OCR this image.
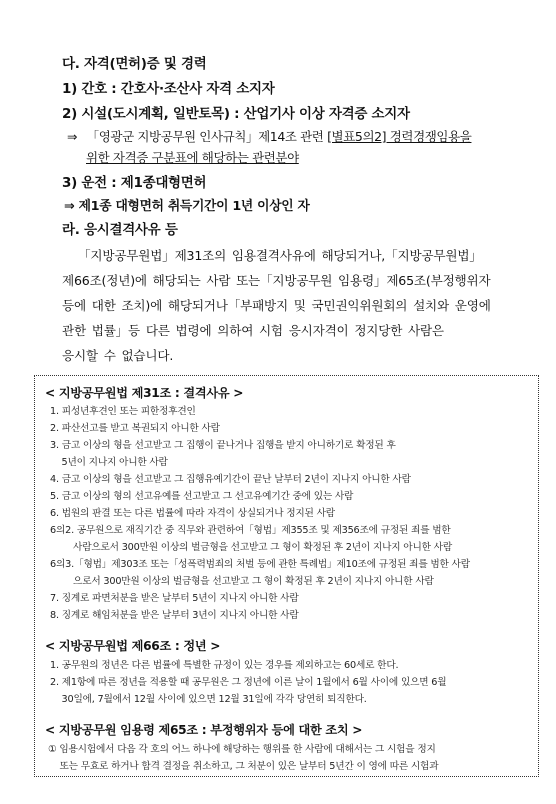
다. 자격(면허)증 및 경력
1) 간호 : 간호사·조산사 자격 소지자
2) 시설(도시계획, 일반토목) : 산업기사 이상 자격증 소지자
⇒ 「영광군 지방공무원 인사규칙」제14조 관련 [별표5의2] 경력경쟁임용을
위한 자격증 구분표에 해당하는 관련분야
3) 운전 : 제1종대형면허
⇒ 제1종 대형면허 취득기간이 1년 이상인 자
라. 응시결격사유 등
「지방공무원법」제31조의 임용결격사유에 해당되거나,「지방공무원법」
제66조(정년)에 해당되는 사람 또는「지방공무원 임용령」제65조(부정행위자
등에 대한 조치)에 해당되거나「부패방지 및 국민권익위원회의 설치와 운영에
관한 법률」등 다른 법령에 의하여 시험 응시자격이 정지당한 사람은
응시할 수 없습니다.
< 지방공무원법 제31조 : 결격사유 >
1. 피성년후견인 또는 피한정후견인
2. 파산선고를 받고 복권되지 아니한 사람
3. 금고 이상의 형을 선고받고 그 집행이 끝나거나 집행을 받지 아니하기로 확정된 후
5년이 지나지 아니한 사람
4. 금고 이상의 형을 선고받고 그 집행유예기간이 끝난 날부터 2년이 지나지 아니한 사람
5. 금고 이상의 형의 선고유예를 선고받고 그 선고유예기간 중에 있는 사람
6. 법원의 판결 또는 다른 법률에 따라 자격이 상실되거나 정지된 사람
6의2. 공무원으로 재직기간 중 직무와 관련하여「형법」제355조 및 제356조에 규정된 죄를 범한
사람으로서 300만원 이상의 벌금형을 선고받고 그 형이 확정된 후 2년이 지나지 아니한 사람
6의3.「형법」제303조 또는「성폭력범죄의 처벌 등에 관한 특례법」제10조에 규정된 죄를 범한 사람
으로서 300만원 이상의 벌금형을 선고받고 그 형이 확정된 후 2년이 지나지 아니한 사람
7. 징계로 파면처분을 받은 날부터 5년이 지나지 아니한 사람
8. 징계로 해임처분을 받은 날부터 3년이 지나지 아니한 사람
< 지방공무원법 제66조 : 정년 >
1. 공무원의 정년은 다른 법률에 특별한 규정이 있는 경우를 제외하고는 60세로 한다.
2. 제1항에 따른 정년을 적용할 때 공무원은 그 정년에 이른 날이 1월에서 6월 사이에 있으면 6월
30일에, 7월에서 12월 사이에 있으면 12월 31일에 각각 당연히 퇴직한다.
< 지방공무원 임용령 제65조 : 부정행위자 등에 대한 조치 >
① 임용시험에서 다음 각 호의 어느 하나에 해당하는 행위를 한 사람에 대해서는 그 시험을 정지
또는 무효로 하거나 합격 결정을 취소하고, 그 처분이 있은 날부터 5년간 이 영에 따른 시험과
